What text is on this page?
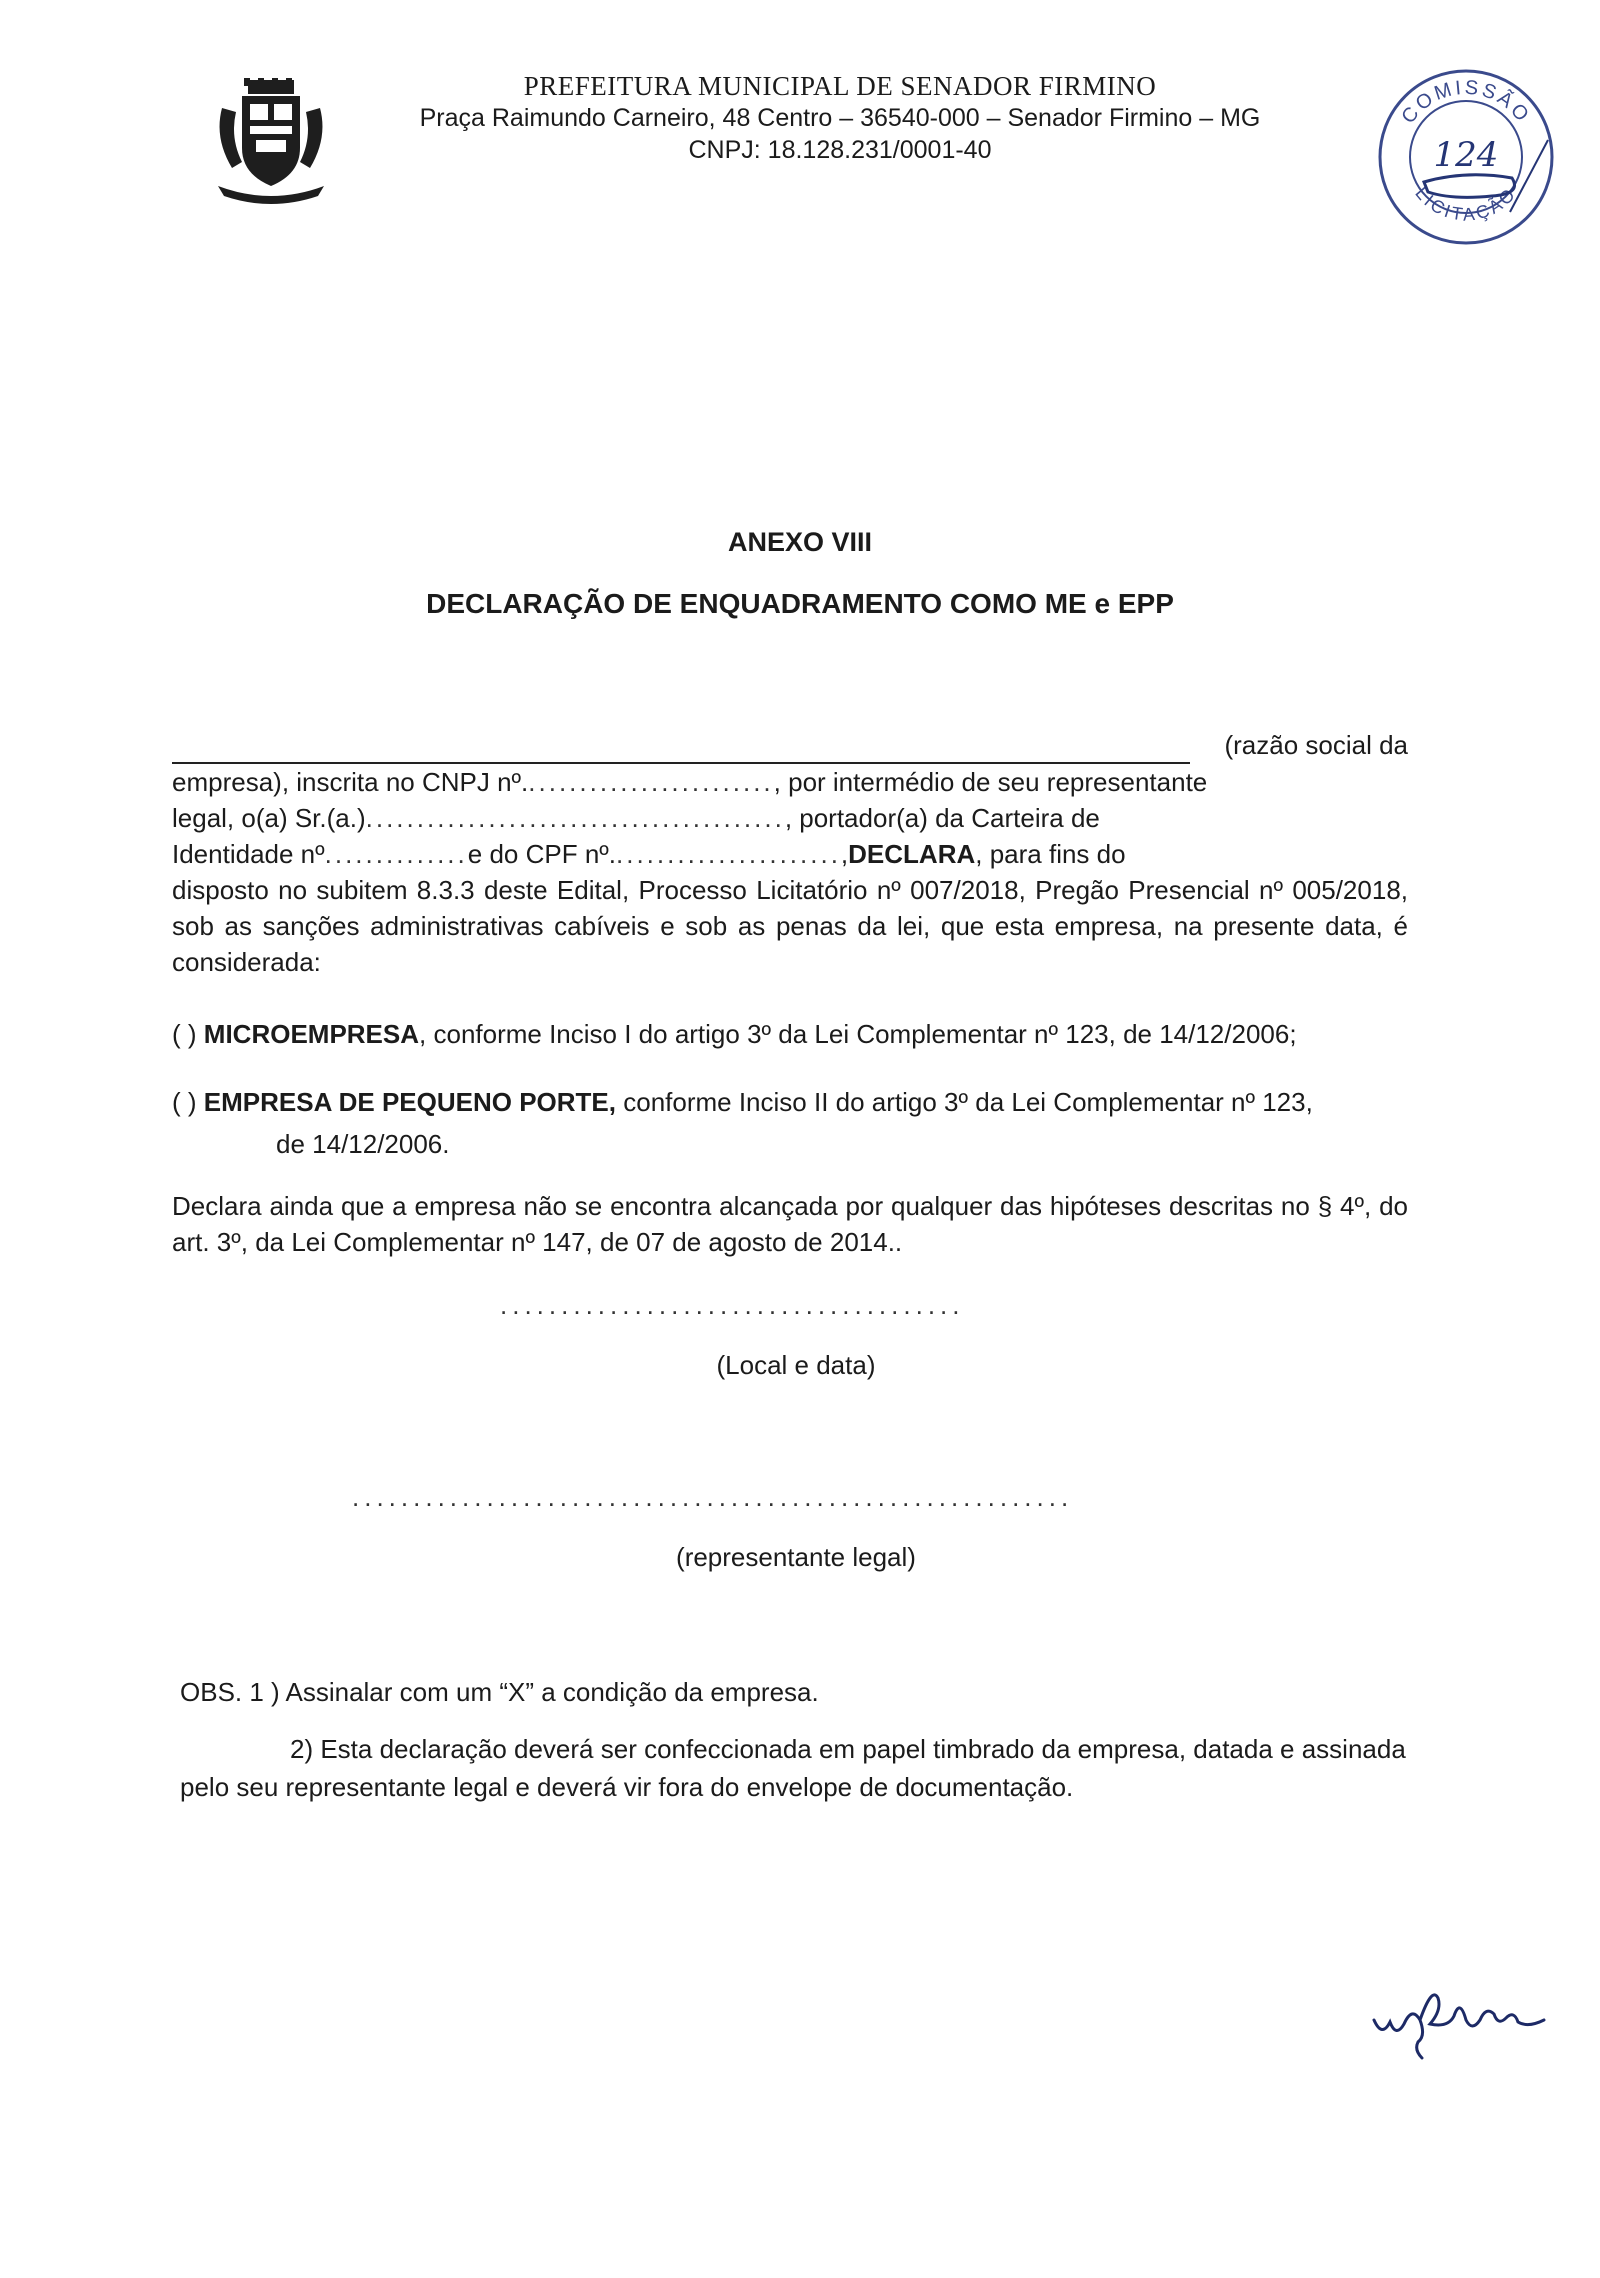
PREFEITURA MUNICIPAL DE SENADOR FIRMINO
Praça Raimundo Carneiro, 48 Centro – 36540-000 – Senador Firmino – MG
CNPJ: 18.128.231/0001-40
COMISSÃO
LICITAÇÃO
124
ANEXO VIII
DECLARAÇÃO DE ENQUADRAMENTO COMO ME e EPP
(razão social da
empresa), inscrita no CNPJ nº. ........................ , por intermédio de seu representante
legal, o(a) Sr.(a.) ......................................... , portador(a) da Carteira de
Identidade nº .............. e do CPF nº. ...................... , DECLARA , para fins do
disposto no subitem 8.3.3 deste Edital, Processo Licitatório nº 007/2018, Pregão Presencial nº 005/2018, sob as sanções administrativas cabíveis e sob as penas da lei, que esta empresa, na presente data, é considerada:
( ) MICROEMPRESA, conforme Inciso I do artigo 3º da Lei Complementar nº 123, de 14/12/2006;
( ) EMPRESA DE PEQUENO PORTE, conforme Inciso II do artigo 3º da Lei Complementar nº 123,
de 14/12/2006.
Declara ainda que a empresa não se encontra alcançada por qualquer das hipóteses descritas no § 4º, do art. 3º, da Lei Complementar nº 147, de 07 de agosto de 2014..
......................................
(Local e data)
...........................................................
(representante legal)
OBS. 1 ) Assinalar com um “X” a condição da empresa.
2) Esta declaração deverá ser confeccionada em papel timbrado da empresa, datada e assinada pelo seu representante legal e deverá vir fora do envelope de documentação.
